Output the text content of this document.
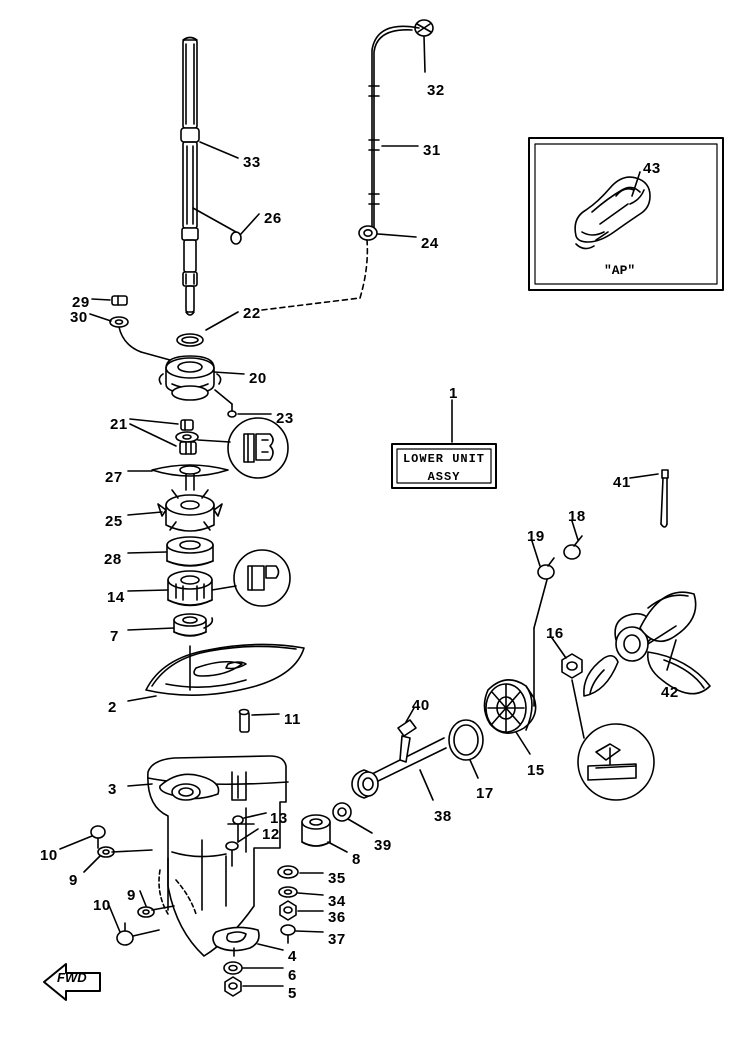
LOWER UNIT
ASSY
"AP"
FWD
1
2
3
4
5
6
7
8
9
9
10
10
11
12
13
14
15
16
17
18
19
20
21
22
23
24
25
26
27
28
29
30
31
32
33
34
35
36
37
38
39
40
41
42
43
